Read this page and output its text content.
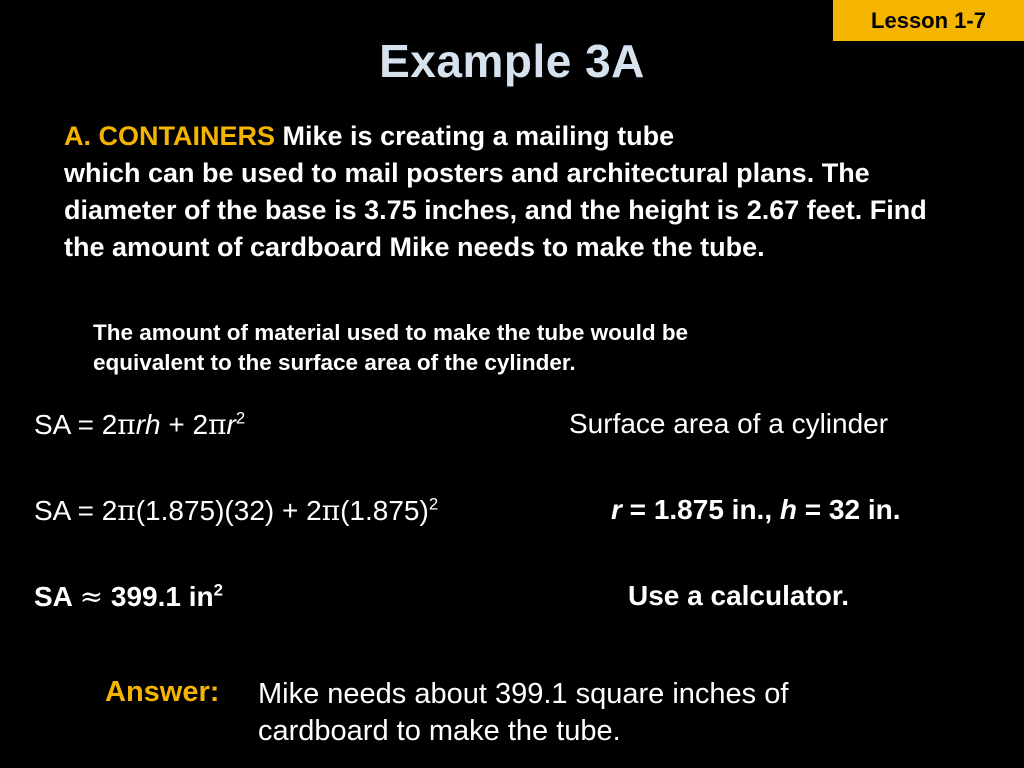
Lesson 1-7
Example 3A
A. CONTAINERS Mike is creating a mailing tube
which can be used to mail posters and architectural plans. The diameter of the base is 3.75 inches, and the height is 2.67 feet. Find the amount of cardboard Mike needs to make the tube.
The amount of material used to make the tube would be
equivalent to the surface area of the cylinder.
SA = $2\pi rh + 2\pi r^2$	Surface area of a cylinder
SA = $2\pi(1.875)(32) + 2\pi(1.875)^2$	r = 1.875 in., h = 32 in.
SA ≈ 399.1 $in^2$	Use a calculator.
Answer: Mike needs about 399.1 square inches of
cardboard to make the tube.
